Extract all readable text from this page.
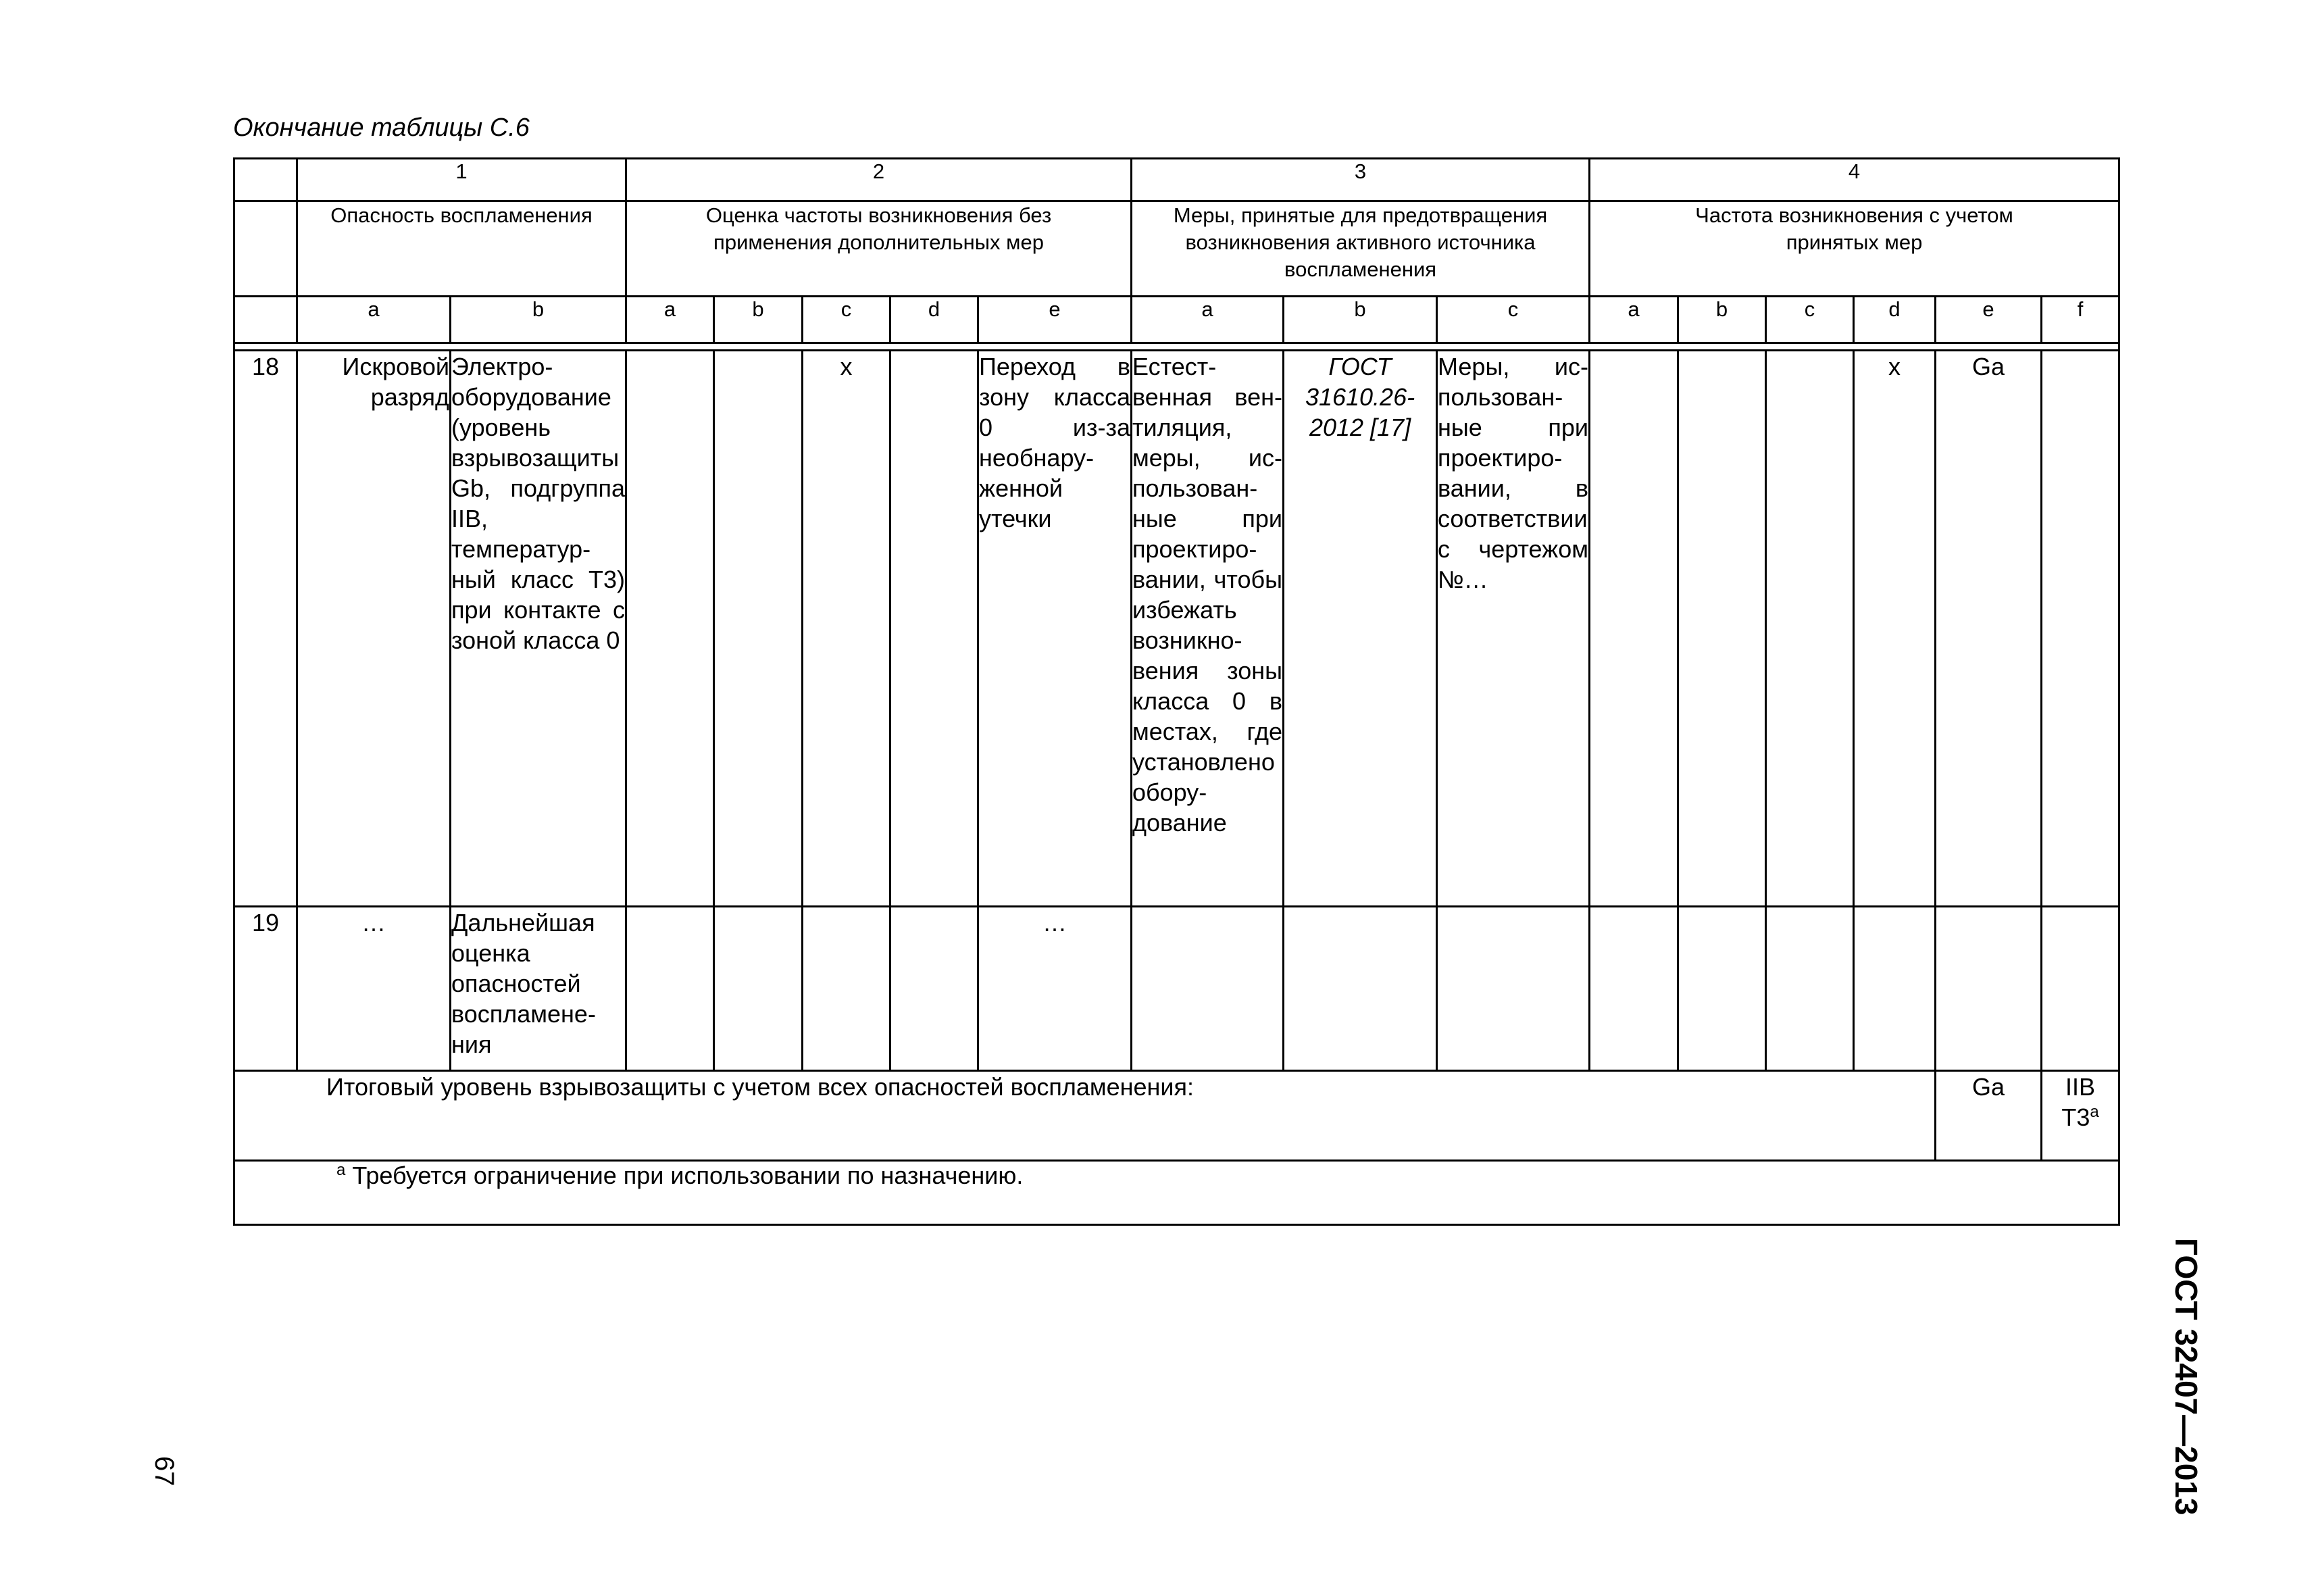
Окончание таблицы С.6
	1		2					3			4					
	Опасность воспламенения		Оценка частоты возникновения без применения дополнительных мер					Меры, принятые для предотвращения возникновения активного источника воспламенения			Частота возникновения с учетом принятых мер					
	a	b	a	b	c	d	e	a	b	c	a	b	c	d	e	f

18	Искровой разряд	Электрооборудование (уровень взрывозащиты Gb, подгруппа IIB, температурный класс Т3) при контакте с зоной класса 0			x		Переход в зону класса 0 из-за необнаруженной утечки	Естественная вентиляция, меры, использованные при проектировании, чтобы избежать возникновения зоны класса 0 в местах, где установлено оборудование	ГОСТ 31610.26-2012 [17]	Меры, использованные при проектировании, в соответствии с чертежом №…				x	Ga	
19	…	Дальнейшая оценка опасностей воспламенения					…									
Итоговый уровень взрывозащиты с учетом всех опасностей воспламенения:															Ga	IIB
Т3$^a$

$^а$ Требуется ограничение при использовании по назначению.																
67	ГОСТ 32407—2013
